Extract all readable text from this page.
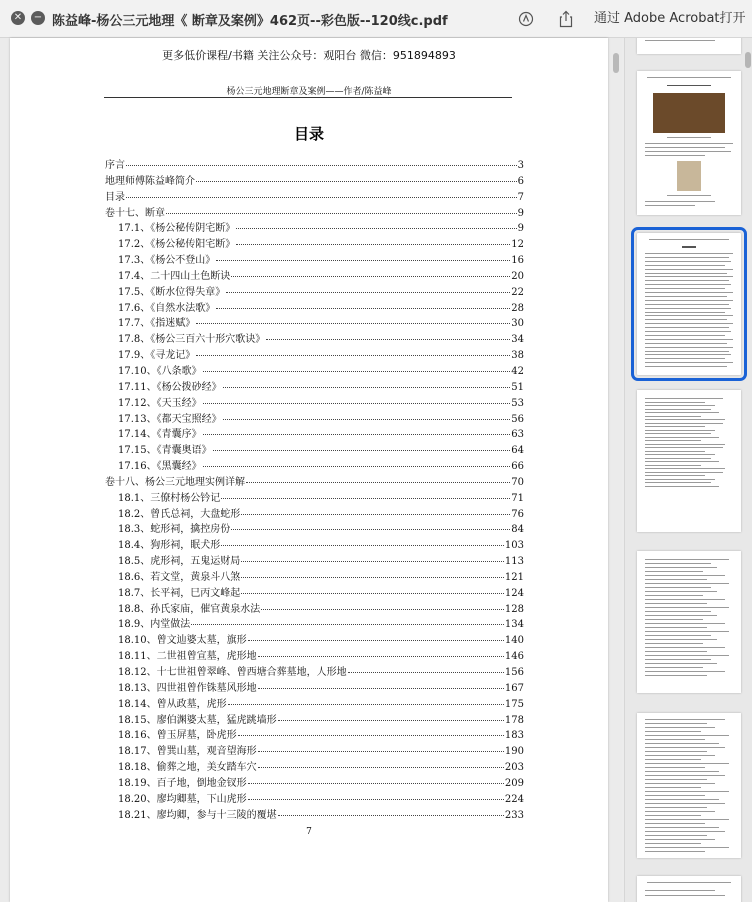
✕ − 陈益峰-杨公三元地理《 断章及案例》462页--彩色版--120线c.pdf	通过 Adobe Acrobat打开
更多低价课程/书籍 关注公众号：观阳台 微信：951894893
杨公三元地理断章及案例——作者/陈益峰
目录
序言	3
地理师傅陈益峰简介	6
目录	7
卷十七、断章	9
17.1、《杨公秘传阴宅断》	9
17.2、《杨公秘传阳宅断》	12
17.3、《杨公不登山》	16
17.4、二十四山土色断诀	20
17.5、《断水位得失章》	22
17.6、《自然水法歌》	28
17.7、《指迷赋》	30
17.8、《杨公三百六十形穴歌诀》	34
17.9、《寻龙记》	38
17.10、《八条歌》	42
17.11、《杨公拨砂经》	51
17.12、《天玉经》	53
17.13、《都天宝照经》	56
17.14、《青囊序》	63
17.15、《青囊奥语》	64
17.16、《黑囊经》	66
卷十八、杨公三元地理实例详解	70
18.1、三僚村杨公钤记	71
18.2、曾氏总祠，大盘蛇形	76
18.3、蛇形祠，擒控房份	84
18.4、狗形祠，眠犬形	103
18.5、虎形祠，五鬼运财局	113
18.6、若文堂，黄泉斗八煞	121
18.7、长平祠，巳丙文峰起	124
18.8、孙氏家庙，催官黄泉水法	128
18.9、内堂做法	134
18.10、曾文辿婆太墓，旗形	140
18.11、二世祖曾宣墓，虎形地	146
18.12、十七世祖曾翠峰、曾西塘合葬墓地，人形地	156
18.13、四世祖曾作铢墓风形地	167
18.14、曾从政墓，虎形	175
18.15、廖伯渊婆太墓，猛虎跳墙形	178
18.16、曾玉屏墓，卧虎形	183
18.17、曾巽山墓，观音望海形	190
18.18、偷葬之地，美女踏车穴	203
18.19、百子地，倒地金钗形	209
18.20、廖均卿墓，下山虎形	224
18.21、廖均卿，参与十三陵的覆堪	233
7
